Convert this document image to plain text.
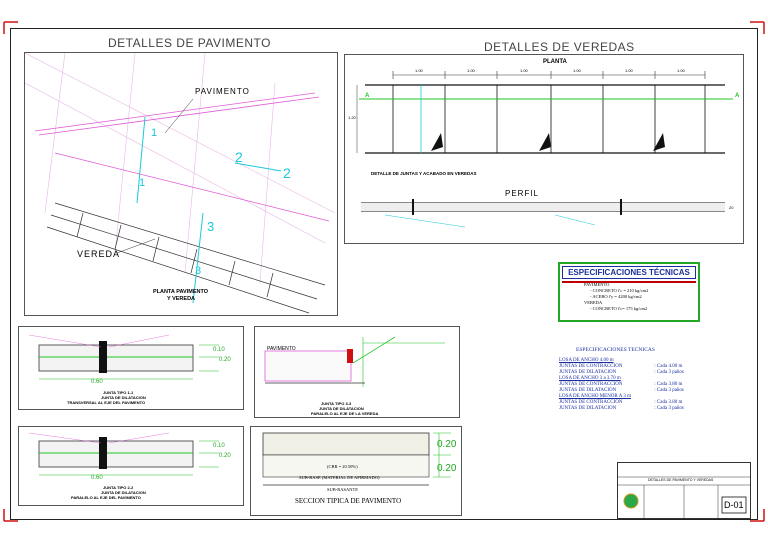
DETALLES DE PAVIMENTO
PAVIMENTO
VEREDA
1
1
2
2
3
3
PLANTA PAVIMENTO
Y VEREDA
DETALLES DE VEREDAS
PLANTA
1.00	1.00	1.00	1.00	1.00	1.00
1.20
A	A
DETALLE DE JUNTAS Y ACABADO EN VEREDAS
PERFIL
20
0.60
0.10
0.20
JUNTA TIPO 1-1
JUNTA DE DILATACION
TRANSVERSAL AL EJE DEL PAVIMENTO
0.60
0.10
0.20
JUNTA TIPO 2-2
JUNTA DE DILATACION
PARALELO AL EJE DEL PAVIMENTO
PAVIMENTO
JUNTA TIPO 3-3
JUNTA DE DILATACION
PARALELO AL EJE DE LA VEREDA
(CBR = 20.50%)
SUB-BASE (MATERIAL DE AFIRMADO)
SUB-RASANTE
0.20
0.20
SECCION TIPICA DE PAVIMENTO
ESPECIFICACIONES TÉCNICAS
PAVIMENTO
- CONCRETO f'c = 210 kg/cm2
- ACERO f'y = 4200 kg/cm2
VEREDA
- CONCRETO f'c= 175 kg/cm2
ESPECIFICACIONES TECNICAS
LOSA DE ANCHO 4.00 m	
JUNTAS DE CONTRACCION	: Cada 4.00 m
JUNTAS DE DILATACION	: Cada 3 paños

LOSA DE ANCHO 3 a 3.70 m	
JUNTAS DE CONTRACCION	: Cada 3.80 m
JUNTAS DE DILATACION	: Cada 3 paños

LOSA DE ANCHO MENOR A 3 m	
JUNTAS DE CONTRACCION	: Cada 3.80 m
JUNTAS DE DILATACION	: Cada 3 paños
DETALLES DE PAVIMENTO Y VEREDAS
D-01
